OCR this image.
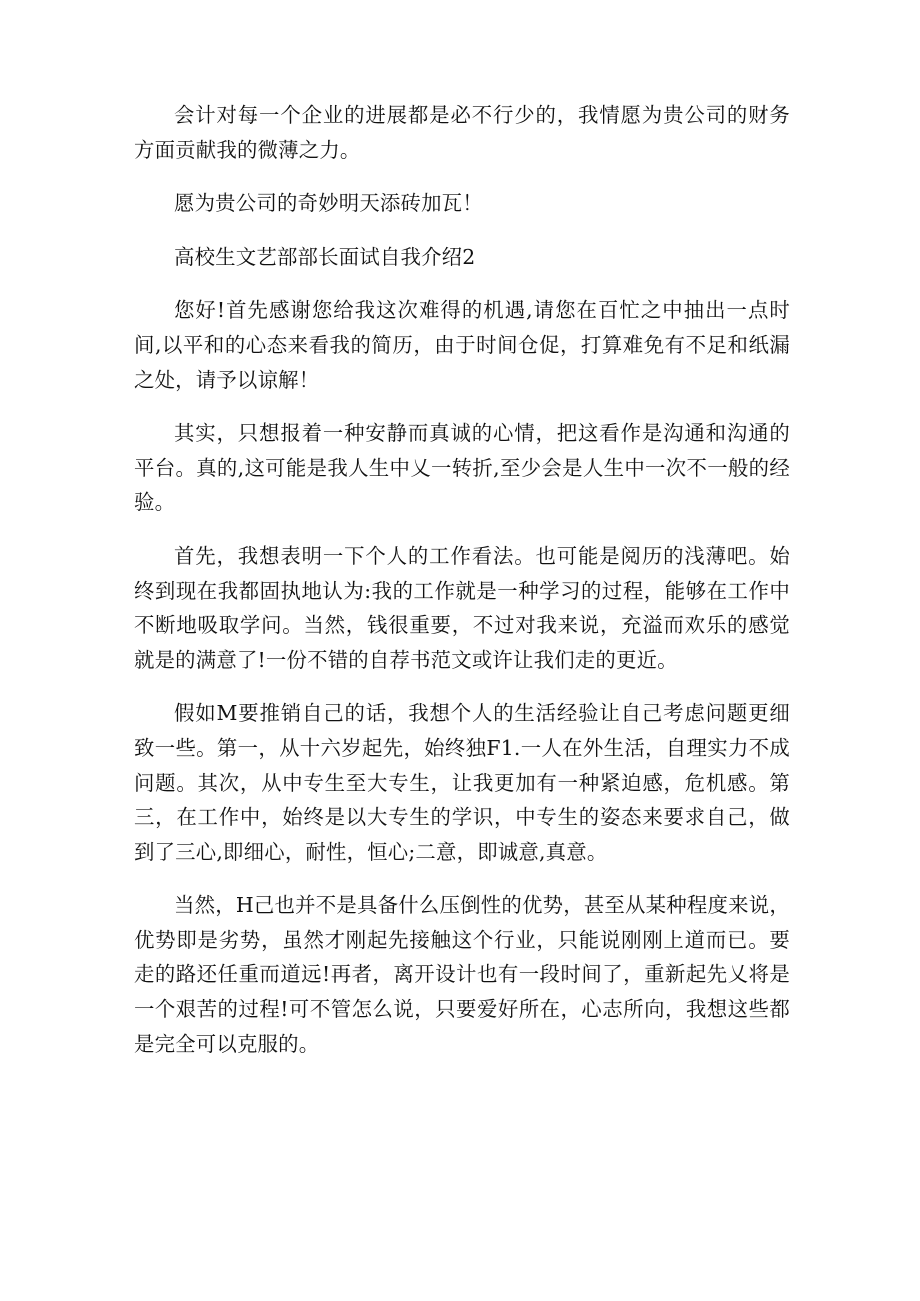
会计对每一个企业的进展都是必不行少的，我情愿为贵公司的财务方面贡献我的微薄之力。

愿为贵公司的奇妙明天添砖加瓦！

高校生文艺部部长面试自我介绍2

您好!首先感谢您给我这次难得的机遇,请您在百忙之中抽出一点时间,以平和的心态来看我的简历，由于时间仓促，打算难免有不足和纸漏之处，请予以谅解！

其实，只想报着一种安静而真诚的心情，把这看作是沟通和沟通的平台。真的,这可能是我人生中乂一转折,至少会是人生中一次不一般的经验。

首先，我想表明一下个人的工作看法。也可能是阅历的浅薄吧。始终到现在我都固执地认为:我的工作就是一种学习的过程，能够在工作中不断地吸取学问。当然，钱很重要，不过对我来说，充溢而欢乐的感觉就是的满意了!一份不错的自荐书范文或许让我们走的更近。

假如M要推销自己的话，我想个人的生活经验让自己考虑问题更细致一些。第一，从十六岁起先，始终独F1.一人在外生活，自理实力不成问题。其次，从中专生至大专生，让我更加有一种紧迫感，危机感。第三，在工作中，始终是以大专生的学识，中专生的姿态来要求自己，做到了三心,即细心，耐性，恒心;二意，即诚意,真意。

当然，H己也并不是具备什么压倒性的优势，甚至从某种程度来说，优势即是劣势，虽然才刚起先接触这个行业，只能说刚刚上道而已。要走的路还任重而道远!再者，离开设计也有一段时间了，重新起先乂将是一个艰苦的过程!可不管怎么说，只要爱好所在，心志所向，我想这些都是完全可以克服的。
